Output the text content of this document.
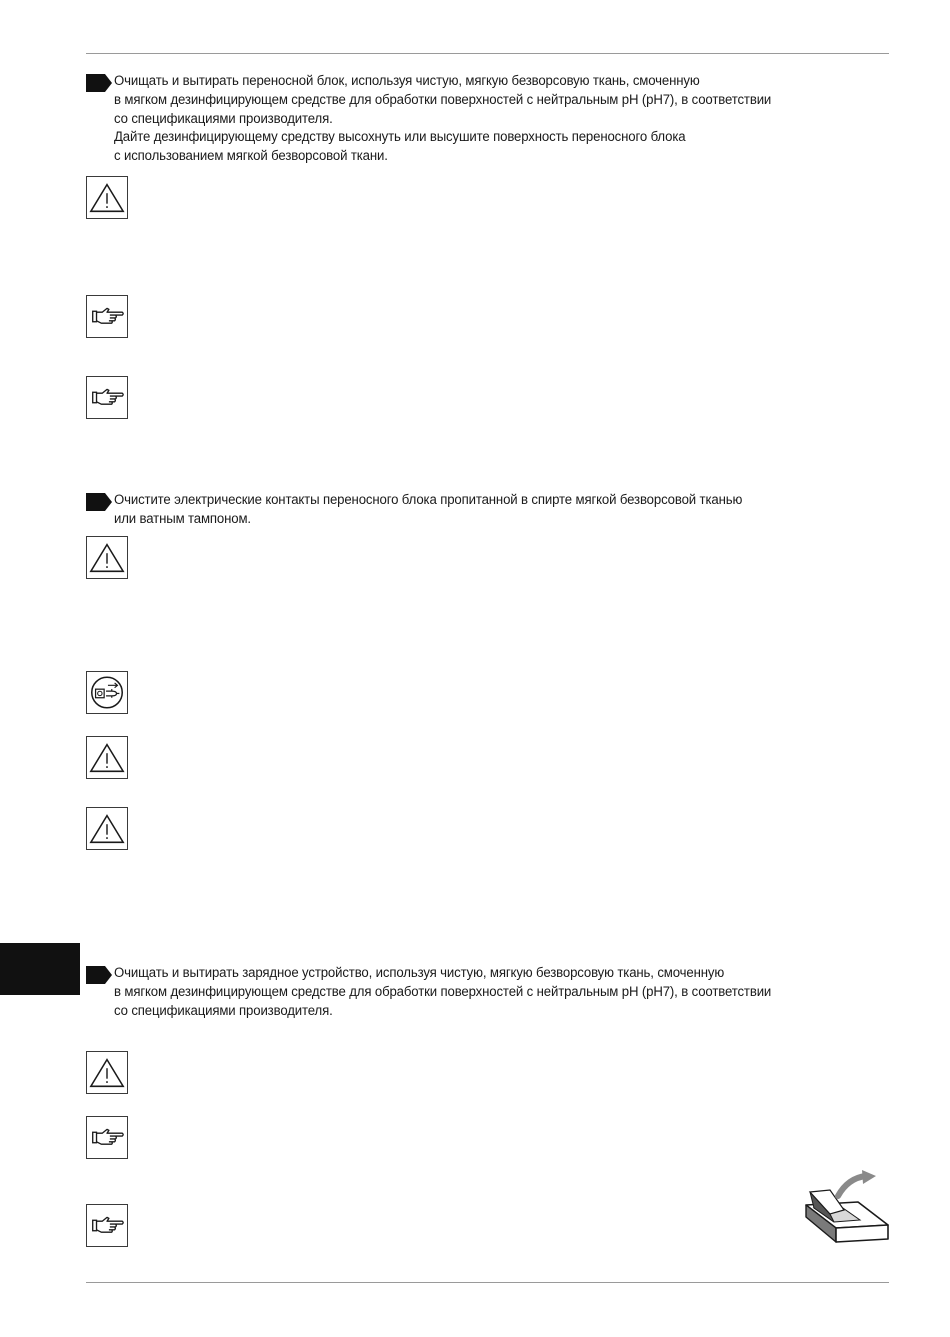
Очищать и вытирать переносной блок, используя чистую, мягкую безворсовую ткань, смоченную

в мягком дезинфицирующем средстве для обработки поверхностей с нейтральным pH (pH7), в соответствии

со спецификациями производителя.

Дайте дезинфицирующему средству высохнуть или высушите поверхность переносного блока

с использованием мягкой безворсовой ткани.

Очистите электрические контакты переносного блока пропитанной в спирте мягкой безворсовой тканью

или ватным тампоном.

Очищать и вытирать зарядное устройство, используя чистую, мягкую безворсовую ткань, смоченную

в мягком дезинфицирующем средстве для обработки поверхностей с нейтральным pH (pH7), в соответствии

со спецификациями производителя.
